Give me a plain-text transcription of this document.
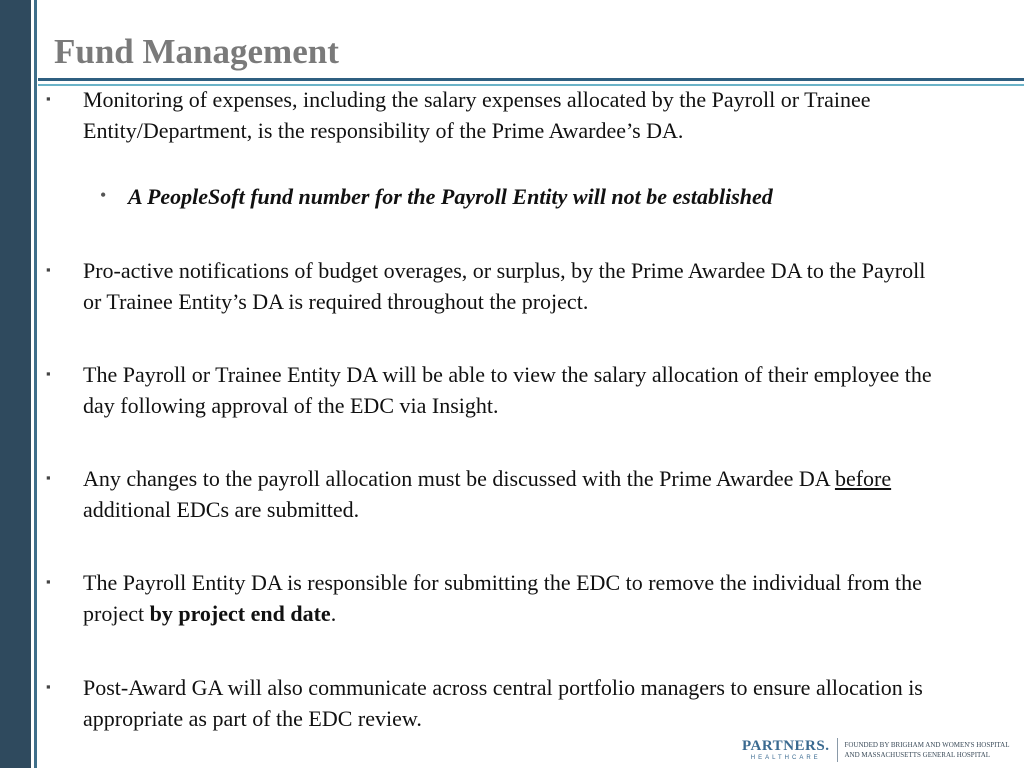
Fund Management
▪	Monitoring of expenses, including the salary expenses allocated by the Payroll or Trainee Entity/Department, is the responsibility of the Prime Awardee’s DA.
• A PeopleSoft fund number for the Payroll Entity will not be established
▪	Pro-active notifications of budget overages, or surplus, by the Prime Awardee DA to the Payroll or Trainee Entity’s DA is required throughout the project.
▪	The Payroll or Trainee Entity DA will be able to view the salary allocation of their employee the day following approval of the EDC via Insight.
▪	Any changes to the payroll allocation must be discussed with the Prime Awardee DA before additional EDCs are submitted.
▪	The Payroll Entity DA is responsible for submitting the EDC to remove the individual from the project by project end date.
▪	Post-Award GA will also communicate across central portfolio managers to ensure allocation is appropriate as part of the EDC review.
PARTNERS.
HEALTHCARE
FOUNDED BY BRIGHAM AND WOMEN'S HOSPITAL
AND MASSACHUSETTS GENERAL HOSPITAL
